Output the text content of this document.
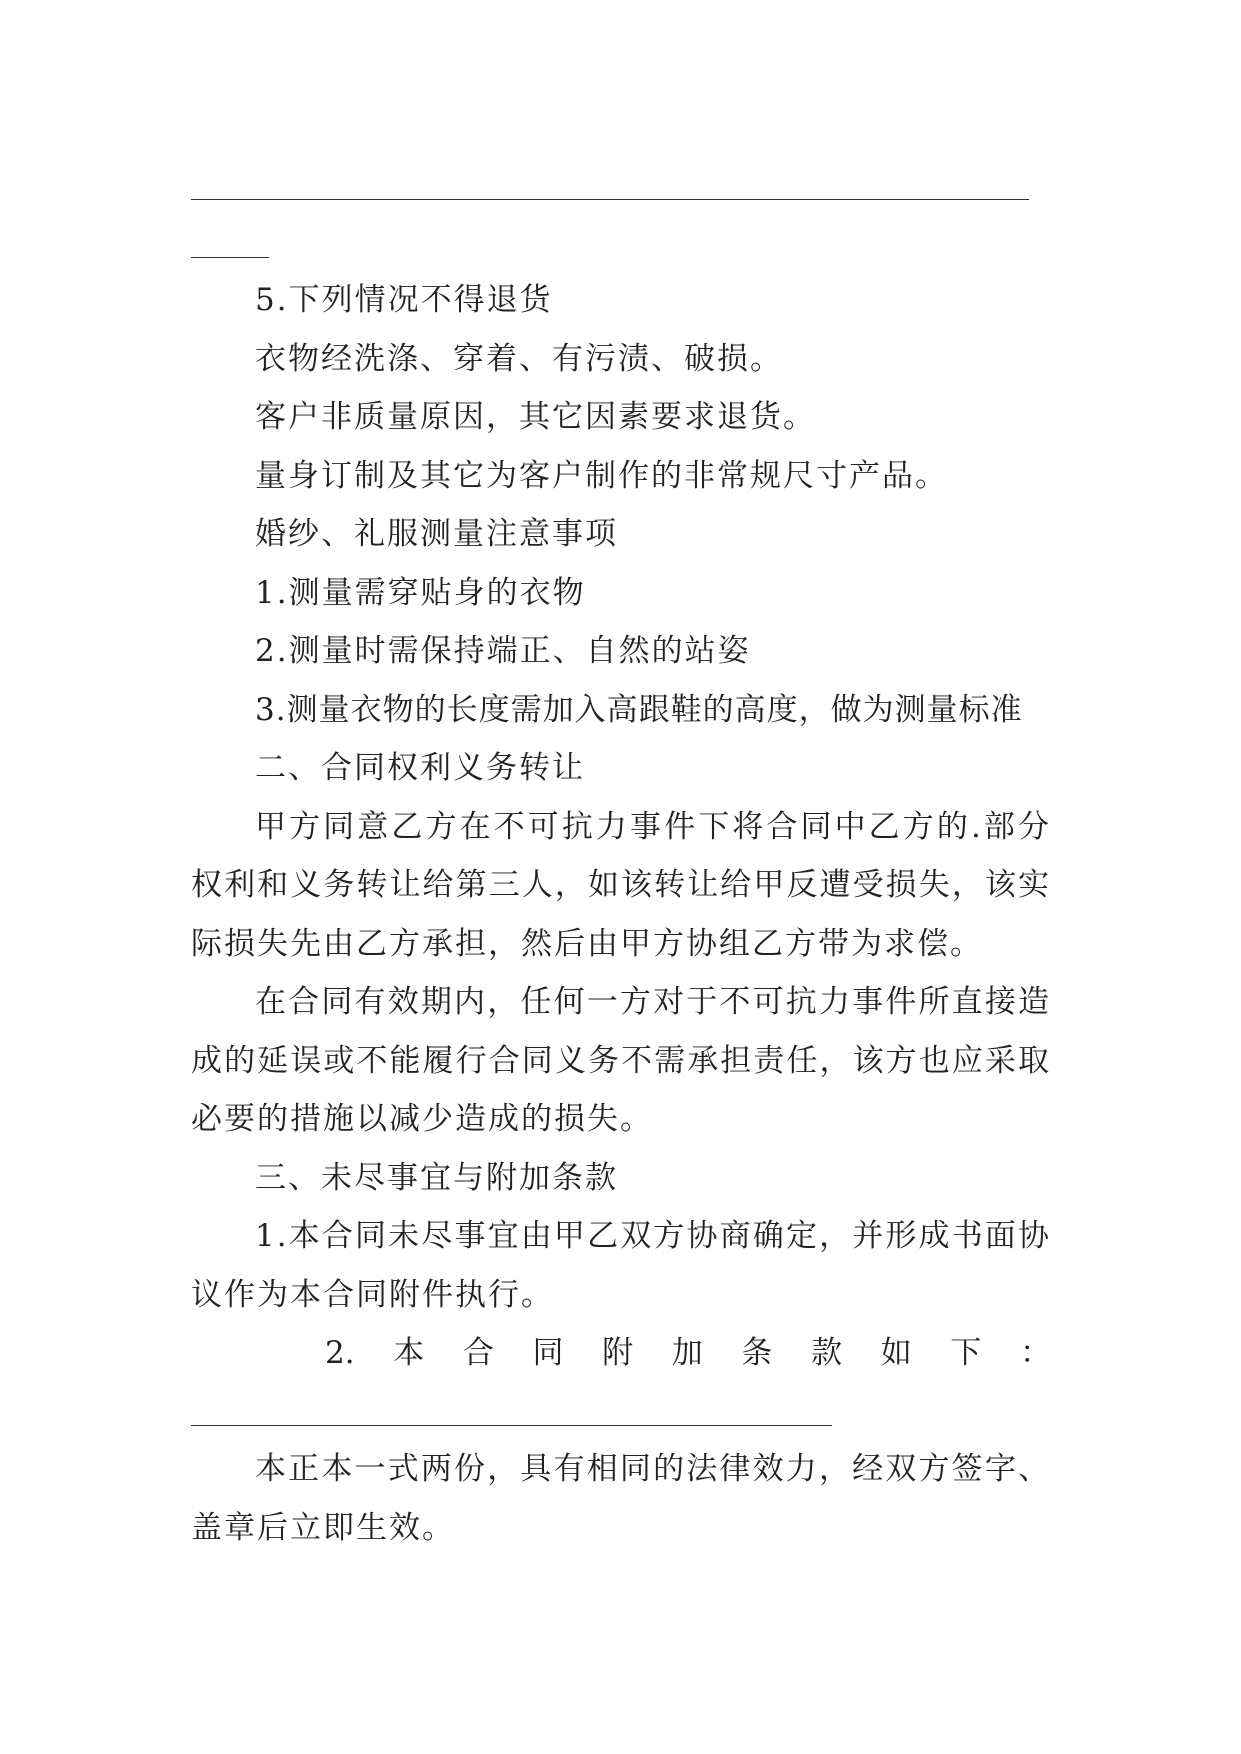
5.下列情况不得退货

衣物经洗涤、穿着、有污渍、破损。

客户非质量原因，其它因素要求退货。

量身订制及其它为客户制作的非常规尺寸产品。

婚纱、礼服测量注意事项

1.测量需穿贴身的衣物

2.测量时需保持端正、自然的站姿

3.测量衣物的长度需加入高跟鞋的高度，做为测量标准

二、合同权利义务转让

甲方同意乙方在不可抗力事件下将合同中乙方的.部分权利和义务转让给第三人，如该转让给甲反遭受损失，该实际损失先由乙方承担，然后由甲方协组乙方带为求偿。

在合同有效期内，任何一方对于不可抗力事件所直接造成的延误或不能履行合同义务不需承担责任，该方也应采取必要的措施以减少造成的损失。

三、未尽事宜与附加条款

1.本合同未尽事宜由甲乙双方协商确定，并形成书面协议作为本合同附件执行。

2. 本 合 同 附 加 条 款 如 下 ：

本正本一式两份，具有相同的法律效力，经双方签字、盖章后立即生效。
